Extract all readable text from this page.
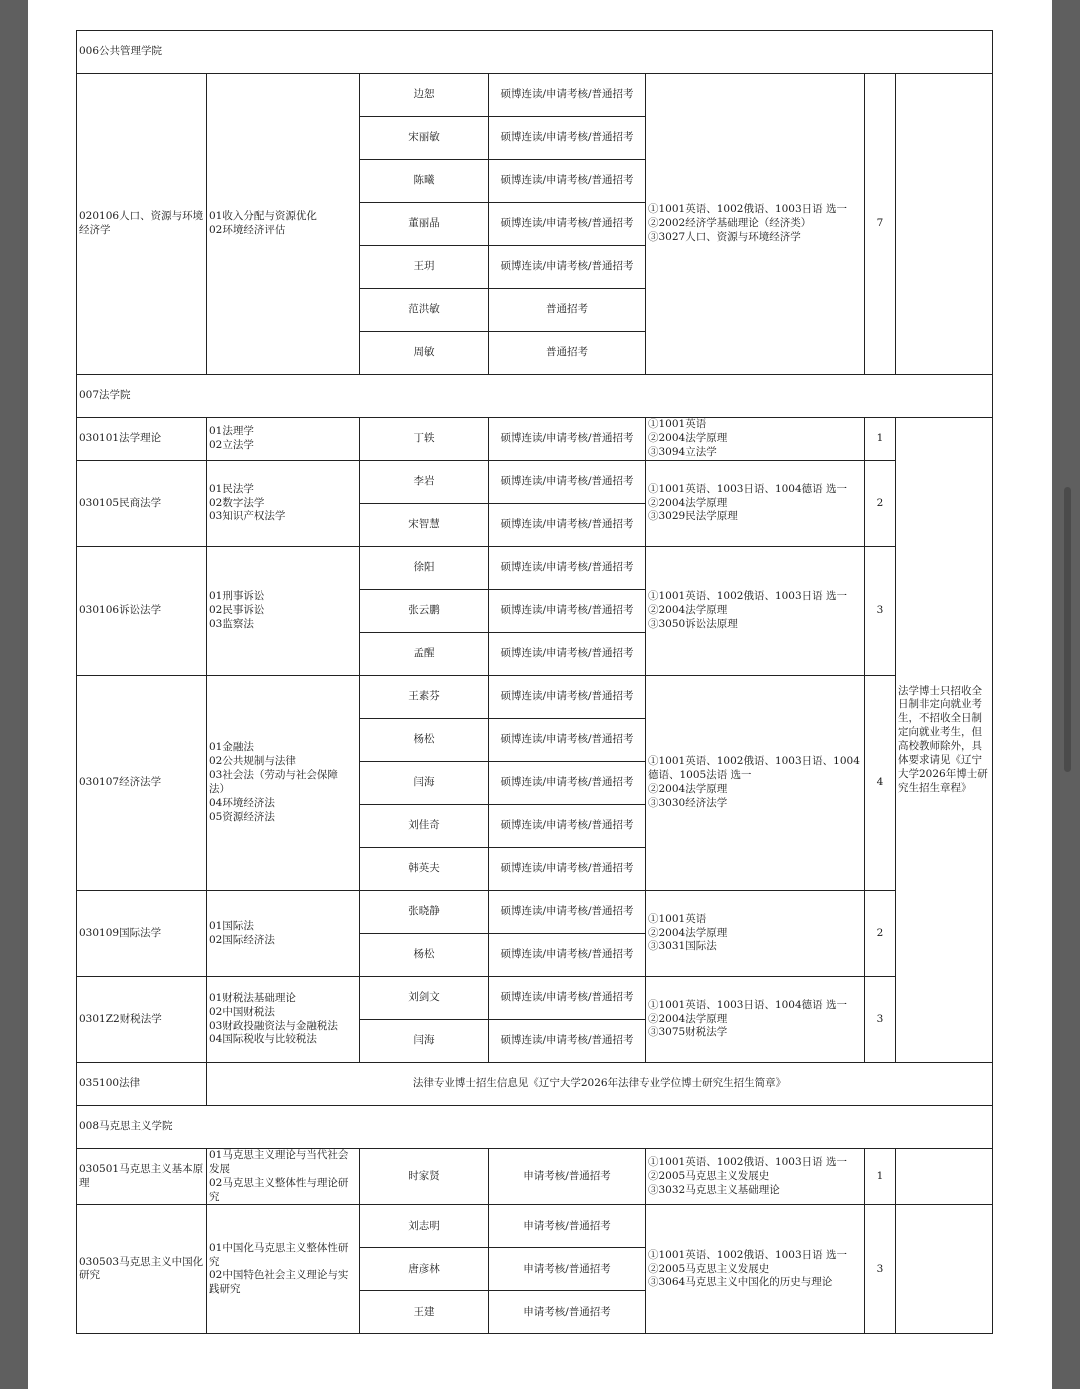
006公共管理学院						
020106人口、资源与环境经济学	01收入分配与资源优化
02环境经济评估	边恕	硕博连读/申请考核/普通招考	①1001英语、1002俄语、1003日语 选一
②2002经济学基础理论（经济类）
③3027人口、资源与环境经济学	7	
		宋丽敏	硕博连读/申请考核/普通招考			
		陈曦	硕博连读/申请考核/普通招考			
		董丽晶	硕博连读/申请考核/普通招考			
		王玥	硕博连读/申请考核/普通招考			
		范洪敏	普通招考			
		周敏	普通招考			
007法学院						
030101法学理论	01法理学
02立法学	丁轶	硕博连读/申请考核/普通招考	①1001英语
②2004法学原理
③3094立法学	1	法学博士只招收全日制非定向就业考生，不招收全日制定向就业考生，但高校教师除外，具体要求请见《辽宁大学2026年博士研究生招生章程》
030105民商法学	01民法学
02数字法学
03知识产权法学	李岩	硕博连读/申请考核/普通招考	①1001英语、1003日语、1004德语 选一
②2004法学原理
③3029民法学原理	2	
		宋智慧	硕博连读/申请考核/普通招考			
030106诉讼法学	01刑事诉讼
02民事诉讼
03监察法	徐阳	硕博连读/申请考核/普通招考	①1001英语、1002俄语、1003日语 选一
②2004法学原理
③3050诉讼法原理	3	
		张云鹏	硕博连读/申请考核/普通招考			
		孟醒	硕博连读/申请考核/普通招考			
030107经济法学	01金融法
02公共规制与法律
03社会法（劳动与社会保障法）
04环境经济法
05资源经济法	王素芬	硕博连读/申请考核/普通招考	①1001英语、1002俄语、1003日语、1004德语、1005法语 选一
②2004法学原理
③3030经济法学	4	
		杨松	硕博连读/申请考核/普通招考			
		闫海	硕博连读/申请考核/普通招考			
		刘佳奇	硕博连读/申请考核/普通招考			
		韩英夫	硕博连读/申请考核/普通招考			
030109国际法学	01国际法
02国际经济法	张晓静	硕博连读/申请考核/普通招考	①1001英语
②2004法学原理
③3031国际法	2	
		杨松	硕博连读/申请考核/普通招考			
0301Z2财税法学	01财税法基础理论
02中国财税法
03财政投融资法与金融税法
04国际税收与比较税法	刘剑文	硕博连读/申请考核/普通招考	①1001英语、1003日语、1004德语 选一
②2004法学原理
③3075财税法学	3	
		闫海	硕博连读/申请考核/普通招考			
035100法律	法律专业博士招生信息见《辽宁大学2026年法律专业学位博士研究生招生简章》					
008马克思主义学院						
030501马克思主义基本原理	01马克思主义理论与当代社会发展
02马克思主义整体性与理论研究	时家贤	申请考核/普通招考	①1001英语、1002俄语、1003日语 选一
②2005马克思主义发展史
③3032马克思主义基础理论	1	
030503马克思主义中国化研究	01中国化马克思主义整体性研究
02中国特色社会主义理论与实践研究	刘志明	申请考核/普通招考	①1001英语、1002俄语、1003日语 选一
②2005马克思主义发展史
③3064马克思主义中国化的历史与理论	3	
		唐彦林	申请考核/普通招考			
		王建	申请考核/普通招考			
